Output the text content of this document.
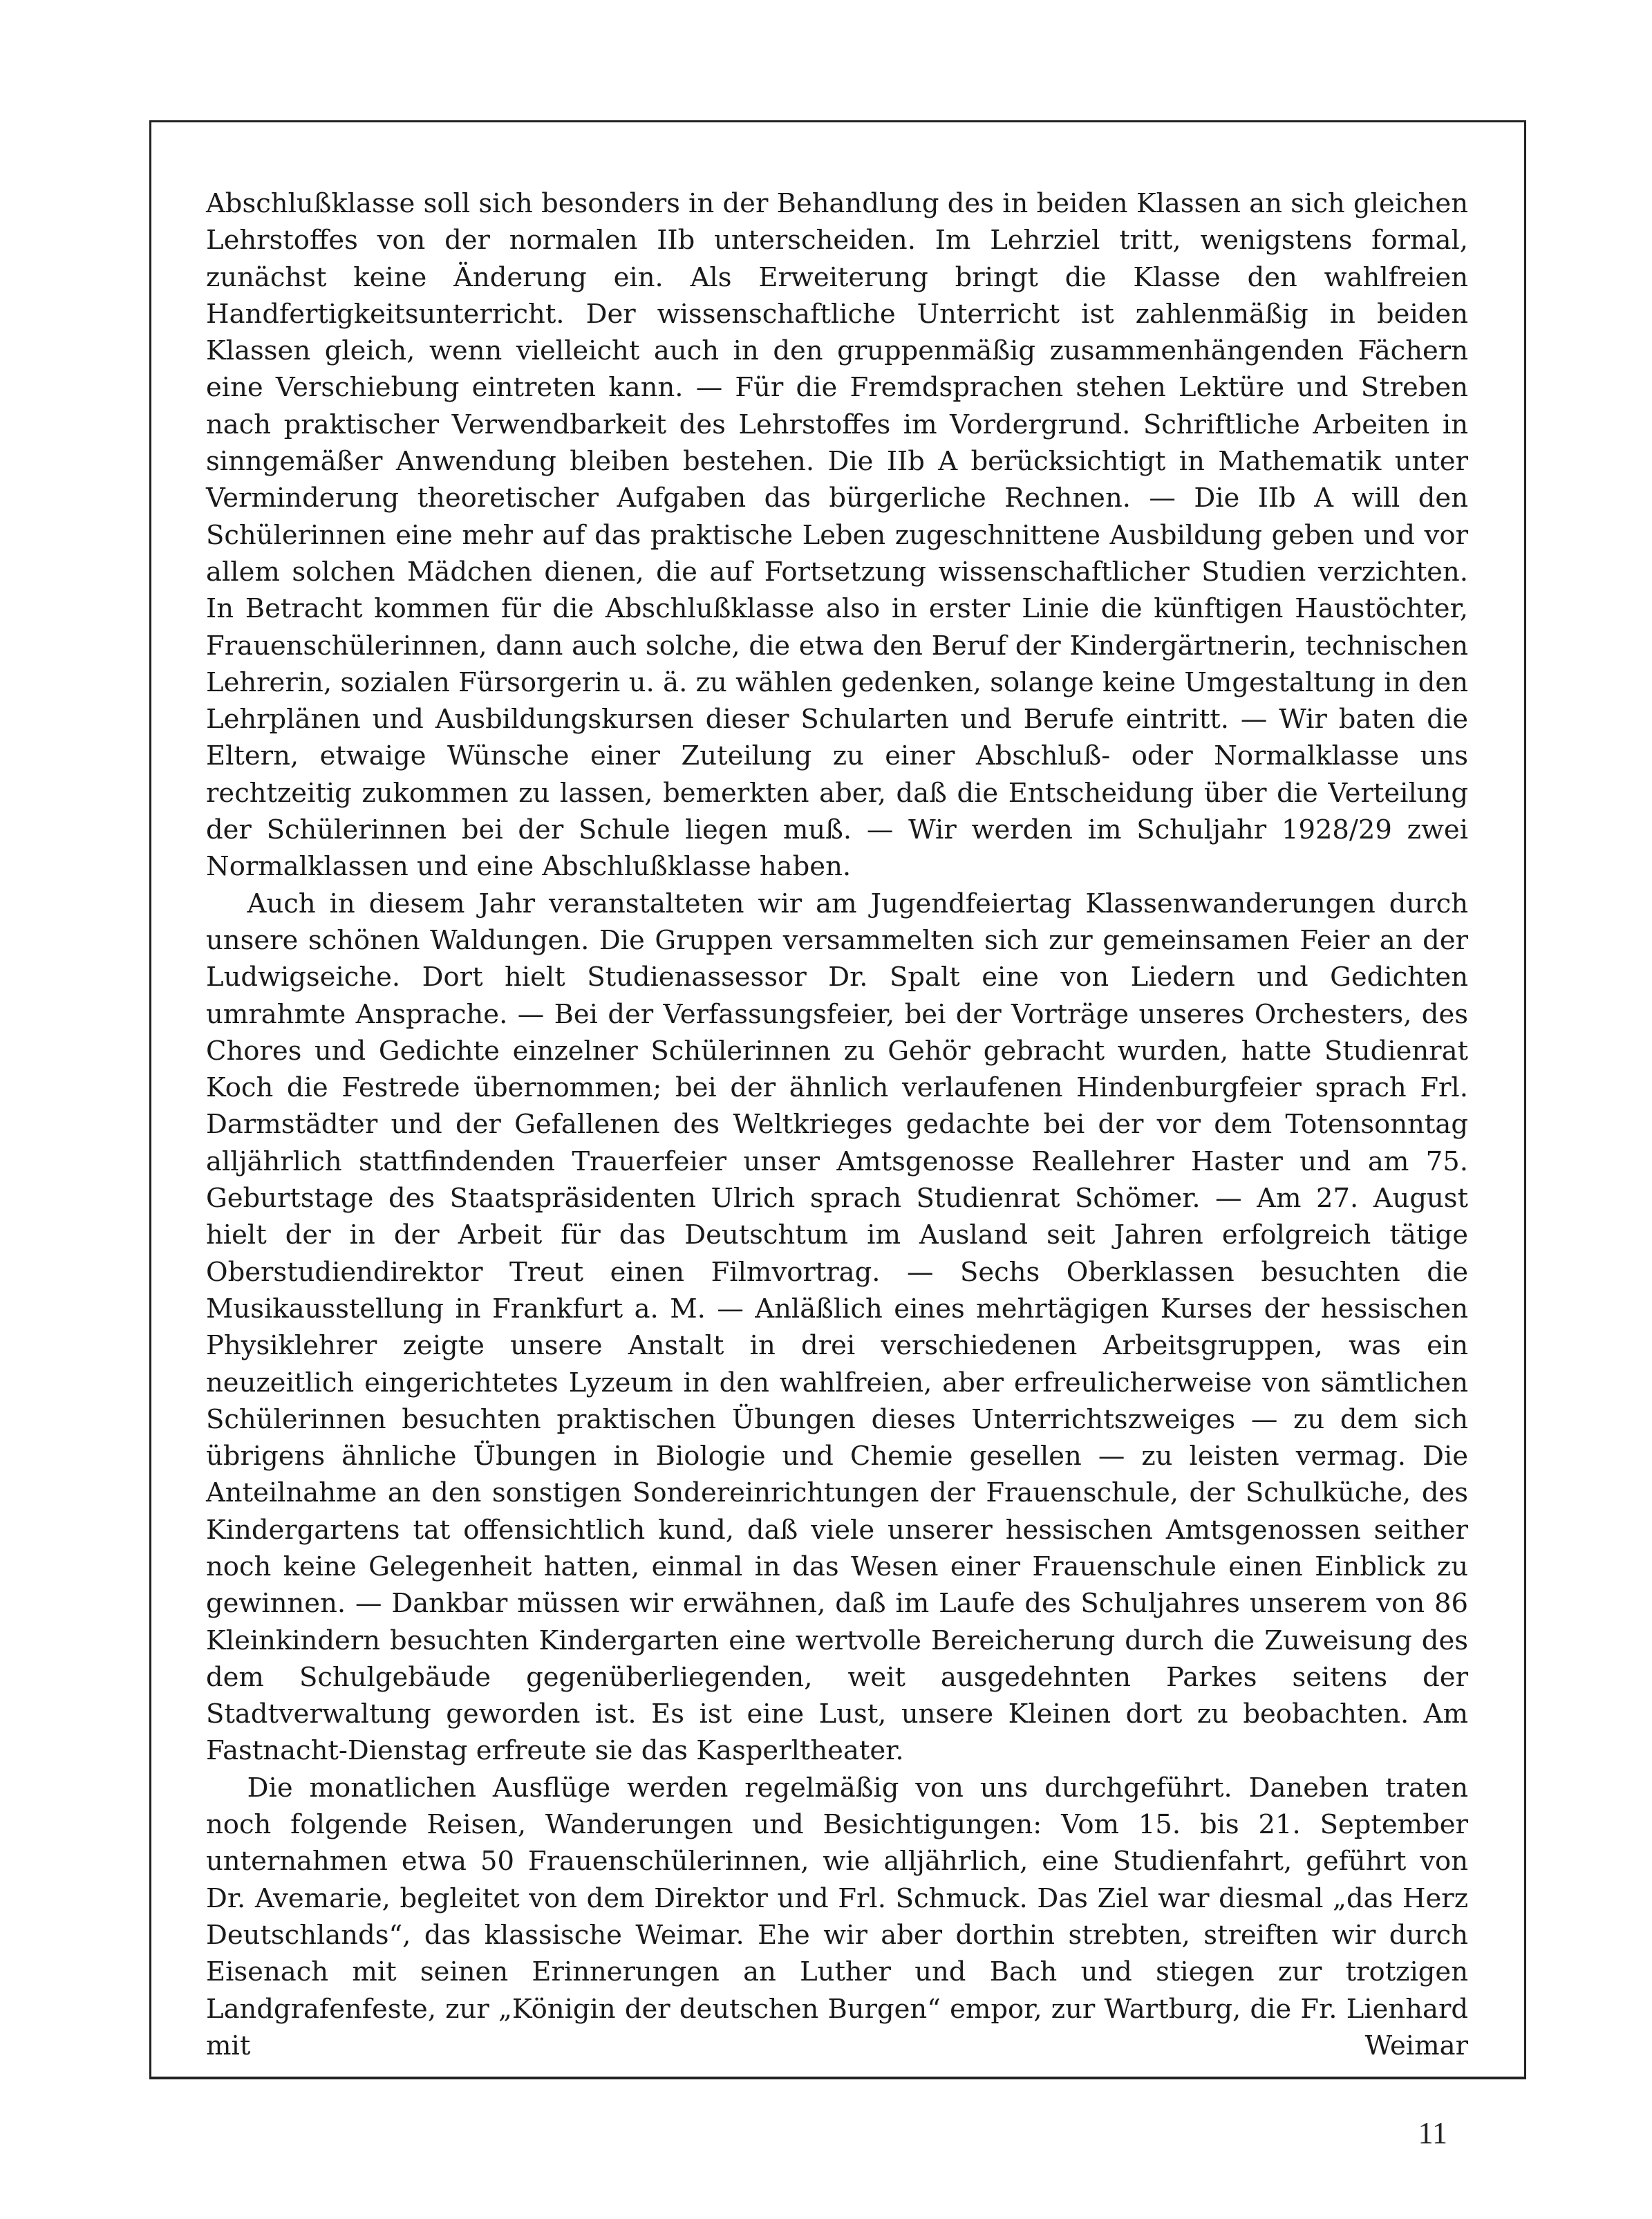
Abschlußklasse soll sich besonders in der Behandlung des in beiden Klassen an sich gleichen Lehrstoffes von der normalen IIb unterscheiden. Im Lehrziel tritt, wenigstens formal, zunächst keine Änderung ein. Als Erweiterung bringt die Klasse den wahlfreien Handfertigkeitsunterricht. Der wissenschaftliche Unterricht ist zahlenmäßig in beiden Klassen gleich, wenn vielleicht auch in den gruppenmäßig zusammenhängenden Fächern eine Verschiebung eintreten kann. — Für die Fremdsprachen stehen Lektüre und Streben nach praktischer Verwendbarkeit des Lehrstoffes im Vordergrund. Schriftliche Arbeiten in sinngemäßer Anwendung bleiben bestehen. Die IIb A berücksichtigt in Mathematik unter Verminderung theoretischer Aufgaben das bürgerliche Rechnen. — Die IIb A will den Schülerinnen eine mehr auf das praktische Leben zugeschnittene Ausbildung geben und vor allem solchen Mädchen dienen, die auf Fortsetzung wissenschaftlicher Studien verzichten. In Betracht kommen für die Abschlußklasse also in erster Linie die künftigen Haustöchter, Frauenschülerinnen, dann auch solche, die etwa den Beruf der Kindergärtnerin, technischen Lehrerin, sozialen Fürsorgerin u. ä. zu wählen gedenken, solange keine Umgestaltung in den Lehrplänen und Ausbildungskursen dieser Schularten und Berufe eintritt. — Wir baten die Eltern, etwaige Wünsche einer Zuteilung zu einer Abschluß- oder Normalklasse uns rechtzeitig zukommen zu lassen, bemerkten aber, daß die Entscheidung über die Verteilung der Schülerinnen bei der Schule liegen muß. — Wir werden im Schuljahr 1928/29 zwei Normalklassen und eine Abschlußklasse haben.

Auch in diesem Jahr veranstalteten wir am Jugendfeiertag Klassenwanderungen durch unsere schönen Waldungen. Die Gruppen versammelten sich zur gemeinsamen Feier an der Ludwigseiche. Dort hielt Studienassessor Dr. Spalt eine von Liedern und Gedichten umrahmte Ansprache. — Bei der Verfassungsfeier, bei der Vorträge unseres Orchesters, des Chores und Gedichte einzelner Schülerinnen zu Gehör gebracht wurden, hatte Studienrat Koch die Festrede übernommen; bei der ähnlich verlaufenen Hindenburgfeier sprach Frl. Darmstädter und der Gefallenen des Weltkrieges gedachte bei der vor dem Totensonntag alljährlich stattfindenden Trauerfeier unser Amtsgenosse Reallehrer Haster und am 75. Geburtstage des Staatspräsidenten Ulrich sprach Studienrat Schömer. — Am 27. August hielt der in der Arbeit für das Deutschtum im Ausland seit Jahren erfolgreich tätige Oberstudiendirektor Treut einen Filmvortrag. — Sechs Oberklassen besuchten die Musikausstellung in Frankfurt a. M. — Anläßlich eines mehrtägigen Kurses der hessischen Physiklehrer zeigte unsere Anstalt in drei verschiedenen Arbeitsgruppen, was ein neuzeitlich eingerichtetes Lyzeum in den wahlfreien, aber erfreulicherweise von sämtlichen Schülerinnen besuchten praktischen Übungen dieses Unterrichtszweiges — zu dem sich übrigens ähnliche Übungen in Biologie und Chemie gesellen — zu leisten vermag. Die Anteilnahme an den sonstigen Sondereinrichtungen der Frauenschule, der Schulküche, des Kindergartens tat offensichtlich kund, daß viele unserer hessischen Amtsgenossen seither noch keine Gelegenheit hatten, einmal in das Wesen einer Frauenschule einen Einblick zu gewinnen. — Dankbar müssen wir erwähnen, daß im Laufe des Schuljahres unserem von 86 Kleinkindern besuchten Kindergarten eine wertvolle Bereicherung durch die Zuweisung des dem Schulgebäude gegenüberliegenden, weit ausgedehnten Parkes seitens der Stadtverwaltung geworden ist. Es ist eine Lust, unsere Kleinen dort zu beobachten. Am Fastnacht-Dienstag erfreute sie das Kasperltheater.

Die monatlichen Ausflüge werden regelmäßig von uns durchgeführt. Daneben traten noch folgende Reisen, Wanderungen und Besichtigungen: Vom 15. bis 21. September unternahmen etwa 50 Frauenschülerinnen, wie alljährlich, eine Studienfahrt, geführt von Dr. Avemarie, begleitet von dem Direktor und Frl. Schmuck. Das Ziel war diesmal „das Herz Deutschlands“, das klassische Weimar. Ehe wir aber dorthin strebten, streiften wir durch Eisenach mit seinen Erinnerungen an Luther und Bach und stiegen zur trotzigen Landgrafenfeste, zur „Königin der deutschen Burgen“ empor, zur Wartburg, die Fr. Lienhard mit Weimar

11
